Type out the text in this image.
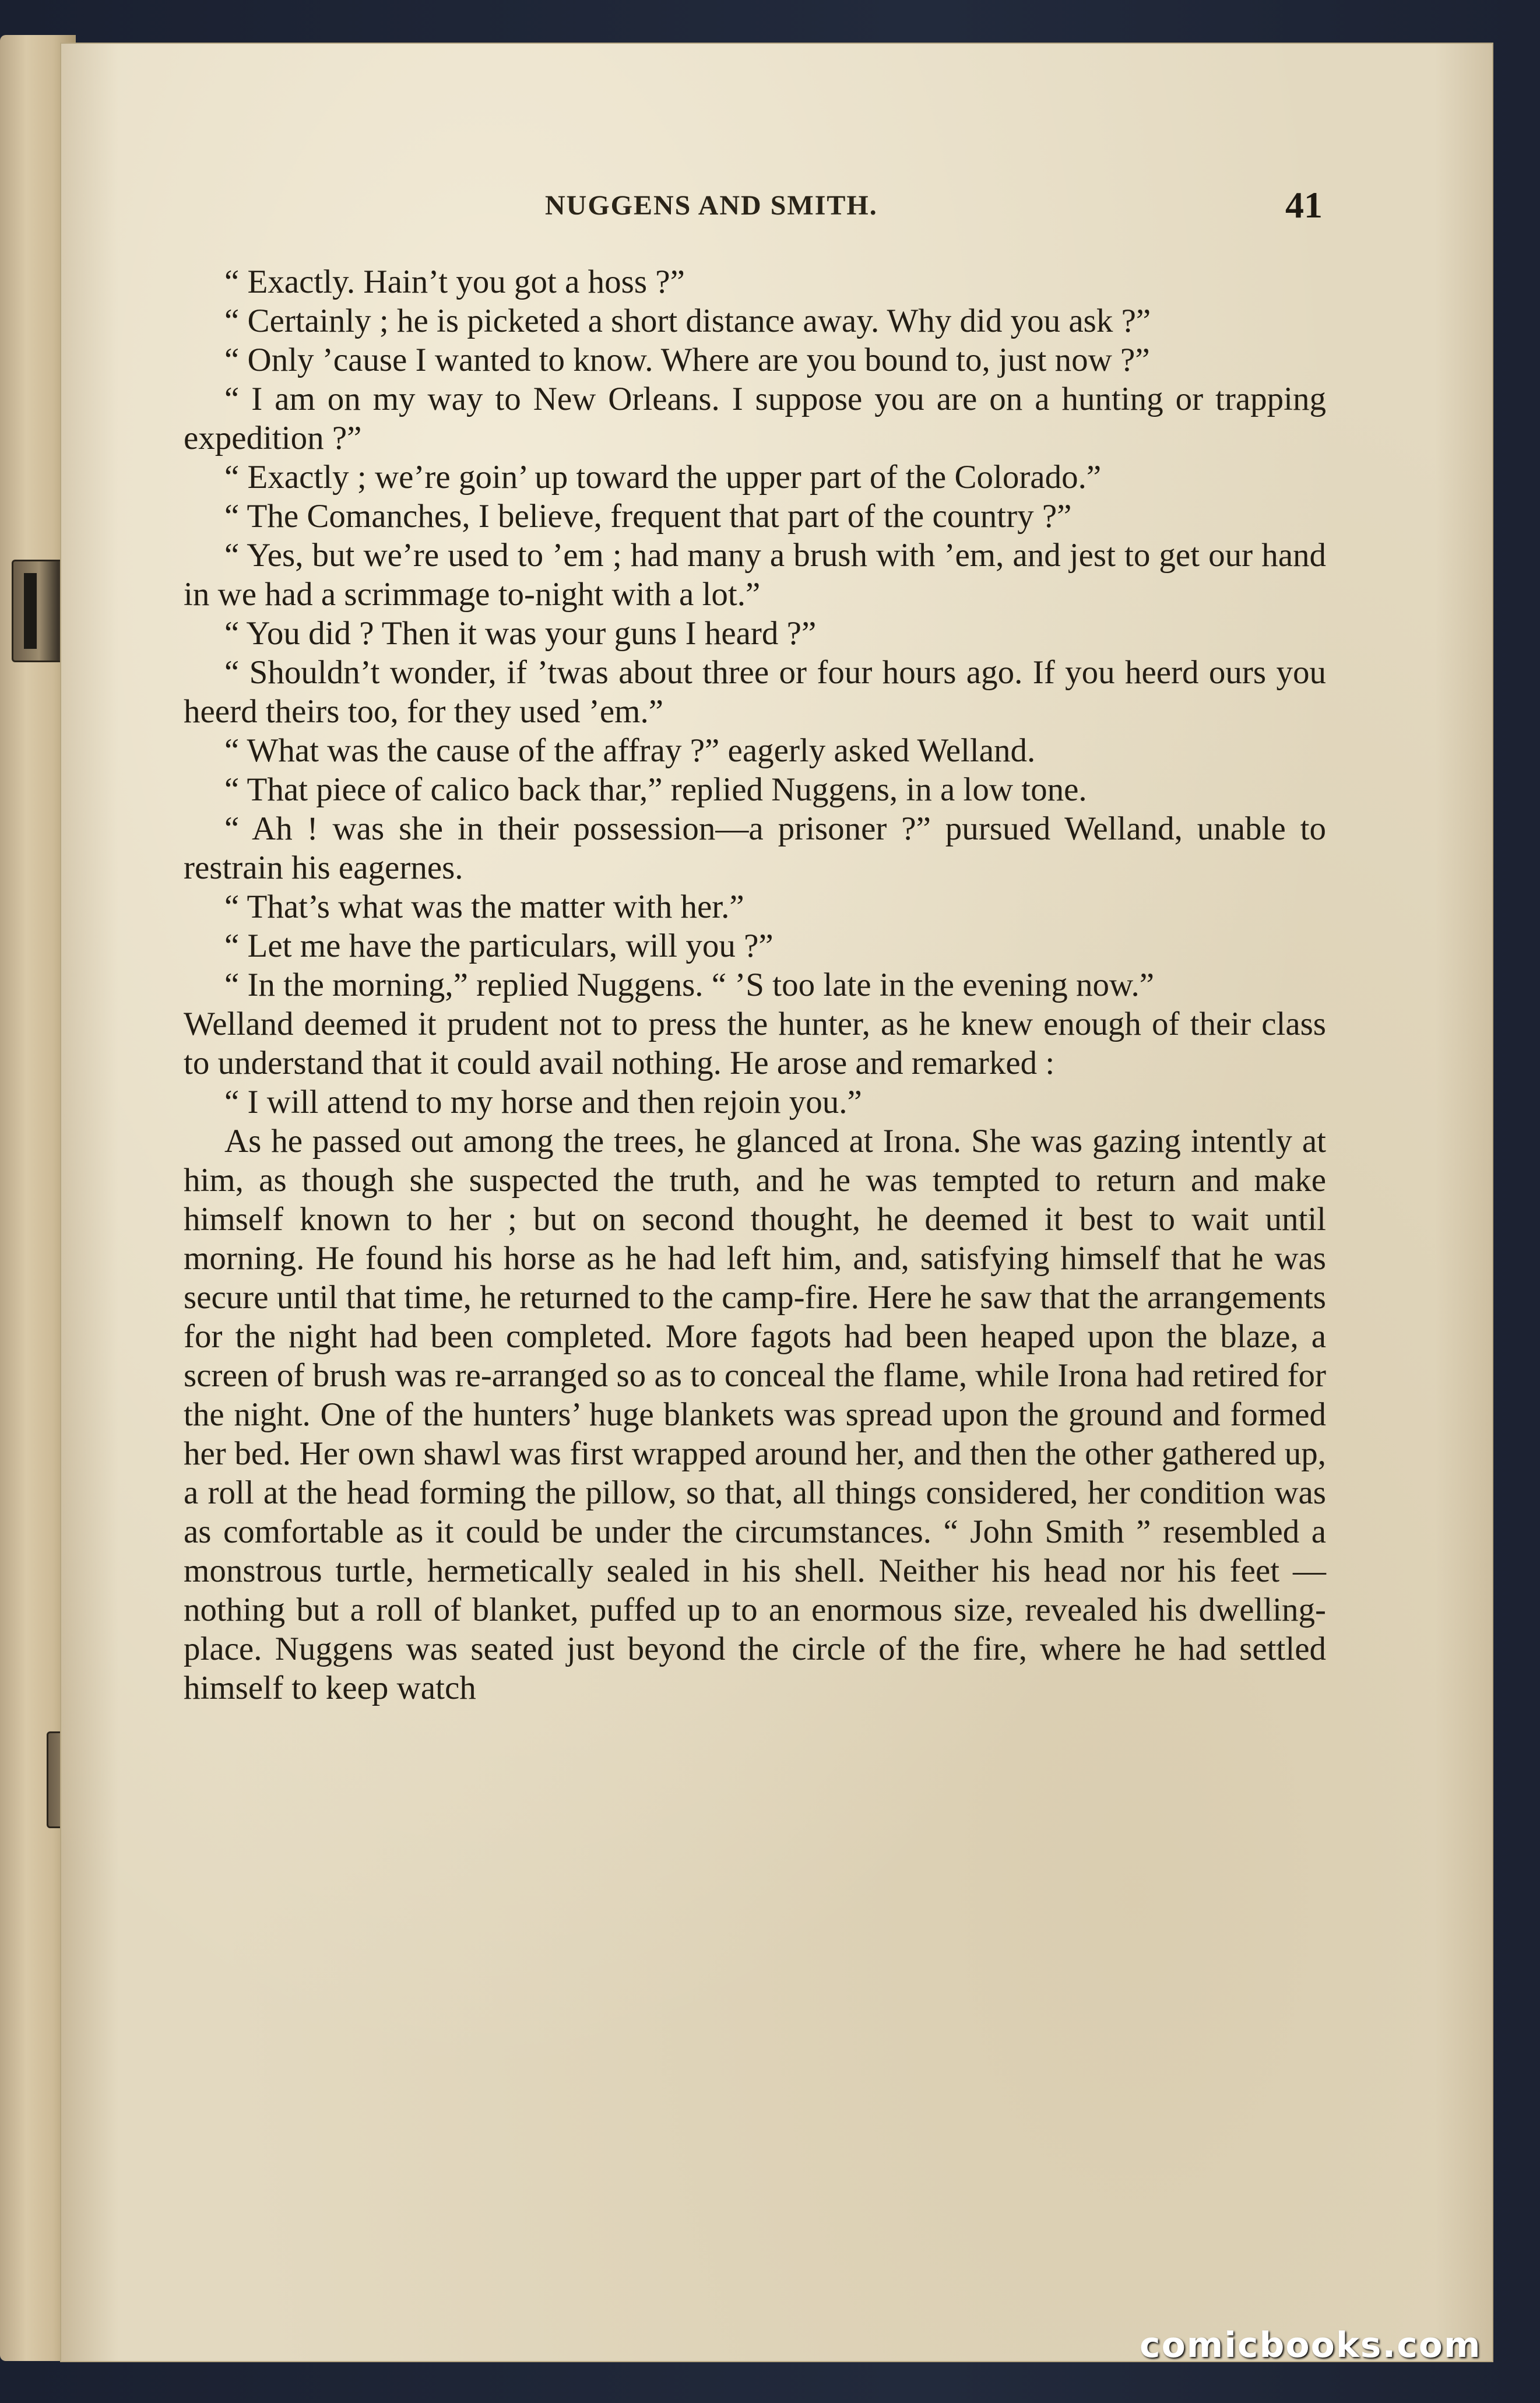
NUGGENS AND SMITH.	41

“ Exactly. Hain’t you got a hoss ?”

“ Certainly ; he is picketed a short distance away. Why did you ask ?”

“ Only ’cause I wanted to know. Where are you bound to, just now ?”

“ I am on my way to New Orleans. I suppose you are on a hunting or trapping expedition ?”

“ Exactly ; we’re goin’ up toward the upper part of the Colorado.”

“ The Comanches, I believe, frequent that part of the country ?”

“ Yes, but we’re used to ’em ; had many a brush with ’em, and jest to get our hand in we had a scrimmage to-night with a lot.”

“ You did ? Then it was your guns I heard ?”

“ Shouldn’t wonder, if ’twas about three or four hours ago. If you heerd ours you heerd theirs too, for they used ’em.”

“ What was the cause of the affray ?” eagerly asked Welland.

“ That piece of calico back thar,” replied Nuggens, in a low tone.

“ Ah ! was she in their possession—a prisoner ?” pursued Welland, unable to restrain his eagernes.

“ That’s what was the matter with her.”

“ Let me have the particulars, will you ?”

“ In the morning,” replied Nuggens. “ ’S too late in the evening now.”

Welland deemed it prudent not to press the hunter, as he knew enough of their class to understand that it could avail nothing. He arose and remarked :

“ I will attend to my horse and then rejoin you.”

As he passed out among the trees, he glanced at Irona. She was gazing intently at him, as though she suspected the truth, and he was tempted to return and make himself known to her ; but on second thought, he deemed it best to wait until morning. He found his horse as he had left him, and, satisfying himself that he was secure until that time, he returned to the camp-fire. Here he saw that the arrangements for the night had been completed. More fagots had been heaped upon the blaze, a screen of brush was re-arranged so as to conceal the flame, while Irona had retired for the night. One of the hunters’ huge blankets was spread upon the ground and formed her bed. Her own shawl was first wrapped around her, and then the other gathered up, a roll at the head forming the pillow, so that, all things considered, her condition was as comfortable as it could be under the circumstances. “ John Smith ” resembled a monstrous turtle, hermetically sealed in his shell. Neither his head nor his feet —nothing but a roll of blanket, puffed up to an enormous size, revealed his dwelling-place. Nuggens was seated just beyond the circle of the fire, where he had settled himself to keep watch

comicbooks.com
